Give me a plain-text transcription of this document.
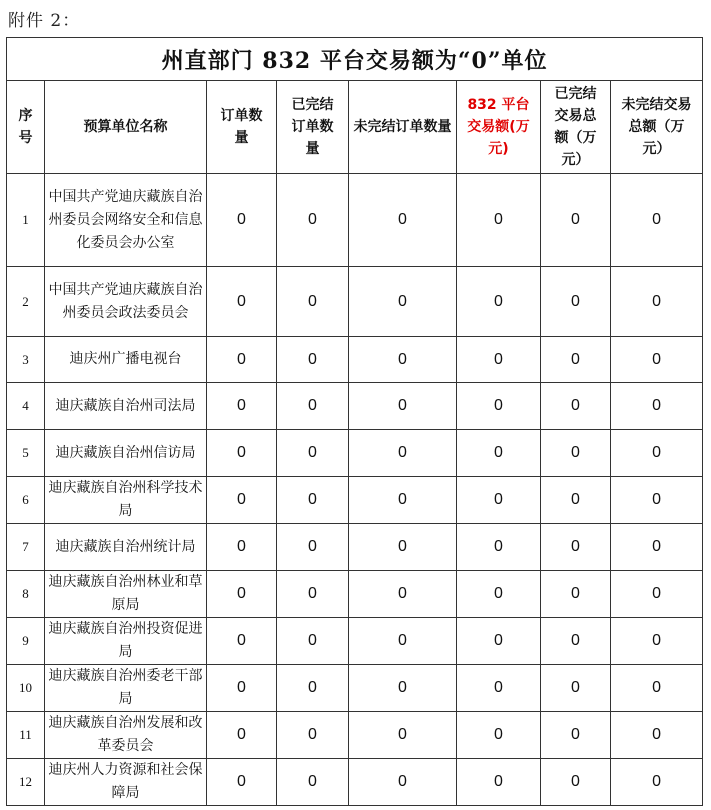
附件 2：
州直部门 832 平台交易额为“0”单位							
序号	预算单位名称	订单数量	已完结订单数量	未完结订单数量	832 平台交易额(万元)	已完结交易总额（万元）	未完结交易总额（万元）
1	中国共产党迪庆藏族自治州委员会网络安全和信息化委员会办公室	0	0	0	0	0	0
2	中国共产党迪庆藏族自治州委员会政法委员会	0	0	0	0	0	0
3	迪庆州广播电视台	0	0	0	0	0	0
4	迪庆藏族自治州司法局	0	0	0	0	0	0
5	迪庆藏族自治州信访局	0	0	0	0	0	0
6	迪庆藏族自治州科学技术局	0	0	0	0	0	0
7	迪庆藏族自治州统计局	0	0	0	0	0	0
8	迪庆藏族自治州林业和草原局	0	0	0	0	0	0
9	迪庆藏族自治州投资促进局	0	0	0	0	0	0
10	迪庆藏族自治州委老干部局	0	0	0	0	0	0
11	迪庆藏族自治州发展和改革委员会	0	0	0	0	0	0
12	迪庆州人力资源和社会保障局	0	0	0	0	0	0
